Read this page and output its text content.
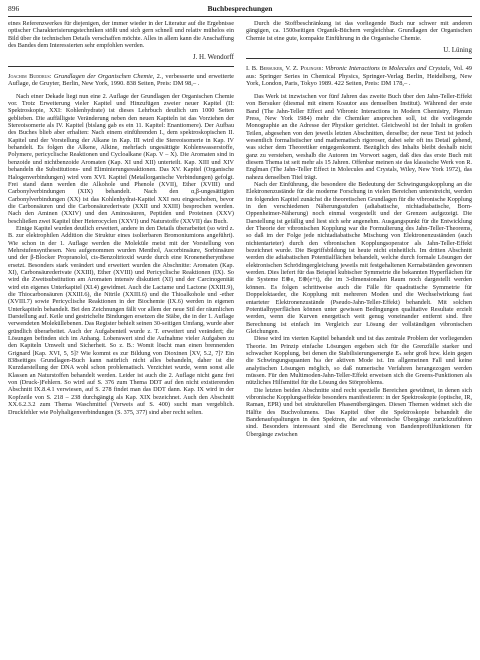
896	Buchbesprechungen

eines Referenzwerkes für diejenigen, der immer wieder in der Literatur auf die Ergebnisse optischer Charakterisierungstechniken stößt und sich gern schnell und relativ mühelos ein Bild über die technischen Details verschaffen möchte. Alles in allem kann die Anschaffung des Bandes dem Interessierten sehr empfohlen werden.

J. H. Wendorff

Joachim Buddrus: Grundlagen der Organischen Chemie, 2., verbesserte und erweiterte Auflage, de Gruyter, Berlin, New York, 1990. 838 Seiten, Preis: DM 98,– .

Nach einer Dekade liegt nun eine 2. Auflage der Grundlagen der Organischen Chemie vor. Trotz Erweiterung vieler Kapitel und Hinzufügen zweier neuer Kapitel (II: Spektroskopie, XXI: Kohlenhydrate) ist dieses Lehrbuch deutlich um 1000 Seiten geblieben. Die auffälligste Veränderung neben den neuen Kapiteln ist das Vorziehen der Stereoisomerie als IV. Kapitel (bislang gab es ein 11. Kapitel: Enantiomere). Der Aufbau des Buches blieb aber erhalten: Nach einem einführenden I., dem spektroskopischen II. Kapitel und der Vorstellung der Alkane in Kap. III wird die Stereoisomerie in Kap. IV behandelt. Es folgen die Alkene, Alkine, mehrfach ungesättigte Kohlenwasserstoffe, Polymere, pericyclische Reaktionen und Cycloalkane (Kap. V – X). Die Aromaten sind in benzoide und nichtbenzoide Aromaten (Kap. XI und XII) unterteilt. Kap. XIII und XIV behandeln die Substitutions- und Eliminierungsreaktionen. Das XV. Kapitel (Organische Halogenverbindungen) wird vom XVI. Kapitel (Metallorganische Verbindungen) gefolgt. Frei stand dann werden die Alkohole und Phenole (XVII), Ether (XVIII) und Carbonylverbindungen (XIX) behandelt. Nach den α,β-ungesättigten Carbonylverbindungen (XX) ist das Kohlenhydrat-Kapitel XXI neu eingeschoben, bevor die Carbonsäuren und die Carbonsäurederivate (XXII und XXIII) besprochen werden. Nach den Aminen (XXIV) und den Aminosäuren, Peptiden und Proteinen (XXV) beschließen zwei Kapitel über Heterocyclen (XXVI) und Naturstoffe (XXVII) das Buch.

Einige Kapitel wurden deutlich erweitert, andere in den Details überarbeitet (so wird z. B. zur elektrophilen Addition die Struktur eines isolierbaren Bromoniumions angeführt). Wie schon in der 1. Auflage werden die Moleküle meist mit der Vorstellung von Mehrstufensynthesen. Neu aufgenommen wurden Menthol, Ascorbinsäure, Sorbinsäure und der β-Blocker Propranolol, cis-Benzoltrioxid wurde durch eine Kronenetherynthese ersetzt. Besonders stark verändert und erweitert wurden die Abschnitte: Aromaten (Kap. XI), Carbonsäurederivate (XXIII), Ether (XVIII) und Pericyclische Reaktionen (IX). So wird die Zweitsubstitution am Aromaten intensiv diskutiert (XI) und der Carcinogenität wird ein eigenes Unterkapitel (XI.4) gewidmet. Auch die Lactame und Lactone (XXIII.9), die Thiocarbonsäuren (XXIII.6), die Nitrile (XXIII.6) und die Thioalkohole und -ether (XVIII.7) sowie Pericyclische Reaktionen in der Biochemie (IX.6) werden in eigenen Unterkapiteln behandelt. Bei den Zeichnungen fällt vor allem der neue Stil der räumlichen Darstellung auf. Keile und gestrichelte Bindungen ersetzen die Stäbe, die in der 1. Auflage verwendeten Moleküllebenen. Das Register behielt seinen 30-seitigen Umfang, wurde aber gründlich überarbeitet. Auch der Aufgabenteil wurde z. T. erweitert und verändert; die Lösungen befinden sich im Anhang. Lobenswert sind die Aufnahme vieler Aufgaben zu den Kapiteln Umwelt und Sicherheit. So z. B.: Womit löscht man einen brennenden Grignard [Kap. XVI, 5, 5]? Wie kommt es zur Bildung von Dioxinen [XV, 5.2, 7]? Ein 838seitiges Grundlagen-Buch kann natürlich nicht alles behandeln, daher ist die Kurzdarstellung der DNA wohl schon problematisch. Verzichtet wurde, wenn sonst alle Klassen an Naturstoffen behandelt werden. Leider ist auch die 2. Auflage nicht ganz frei von (Druck-)Fehlern. So wird auf S. 376 zum Thema DDT auf den nicht existierenden Abschnitt IX.8.4.1 verwiesen, auf S. 278 findet man das DDT dann. Kap. IX wird in der Kopfzeile von S. 218 – 238 durchgängig als Kap. XIX bezeichnet. Auch den Abschnitt XX.6.2.3.2 zum Thema Waschmittel (Verweis auf S. 400) sucht man vergeblich. Druckfehler wie Polyhaligenverbindungen (S. 375, 377) sind aber recht selten.

Durch die Stoffbeschränkung ist das vorliegende Buch nur schwer mit anderen gängigen, ca. 1500seitigen Organik-Büchern vergleichbar. Grundlagen der Organischen Chemie ist eine gute, kompakte Einführung in die Organische Chemie.

U. Lüning

I. B. Bersuker, V. Z. Polinger: Vibronic Interactions in Molecules and Crystals, Vol. 49 aus: Springer Series in Chemical Physics, Springer-Verlag Berlin, Heidelberg, New York, London, Paris, Tokyo 1989. 422 Seiten, Preis: DM 178,– .

Das Werk ist inzwischen vor fünf Jahren das zweite Buch über den Jahn-Teller-Effekt von Bersuker (diesmal mit einem Koautor aus demselben Institut). Während der erste Band (The Jahn-Teller Effect and Vibronic Interactions in Modern Chemistry, Plenum Press, New York 1984) mehr die Chemiker ansprechen soll, ist die vorliegende Monographie an die Adresse der Physiker gerichtet. Gleichwohl ist der Inhalt in großen Teilen, abgesehen von den jeweils letzten Abschnitten, derselbe; der neue Text ist jedoch wesentlich formalistischer und mathematisch rigoroser, dabei sehr oft ins Detail gehend, was sicher dem Theoretiker entgegenkommt. Bezüglich des Inhalts bleibt deshalb nicht ganz zu verstehen, weshalb die Autoren im Vorwort sagen, daß dies das erste Buch mit diesem Thema ist seit mehr als 15 Jahren. Offenbar meinen sie das klassische Werk von R. Englman (The Jahn-Teller Effect in Molecules and Crystals, Wiley, New York 1972), das nahezu denselben Titel trägt.

Nach der Einführung, die besondere die Bedeutung der Schwingungskopplung an die Elektronenzustände für die moderne Forschung in vielen Bereichen unterstreicht, werden im folgenden Kapitel zunächst die theoretischen Grundlagen für die vibronische Kopplung in den verschiedenen Näherungsstufen (adiabatische, nichtadiabatische, Born-Oppenheimer-Näherung) noch einmal vorgestellt und der Grenzen aufgezeigt. Die Darstellung ist gefällig und liest sich sehr angenehm. Ausgangspunkt für die Entwicklung der Theorie der vibronischen Kopplung war die Formulierung des Jahn-Teller-Theorems, so daß im der Folge jede nichtadiabatische Mischung von Elektronenzuständen (auch nichtentarteter) durch den vibronischen Kopplungsoperator als Jahn-Teller-Effekt bezeichnet wurde. Die Begriffsbildung ist heute nicht einheitlich. Im dritten Abschnitt werden die adiabatischen Potentialflächen behandelt, welche durch formale Lösungen der elektronischen Schrödingergleichung jeweils mit festgehaltenen Kernabständen gewonnen werden. Dies liefert für das Beispiel kubischer Symmetrie die bekannten Hyperflächen für die Systeme E⊗e, Ε⊗(e+t), die im 3-dimensionalen Raum noch dargestellt werden können. Es folgen schrittweise auch die Fälle für quadratische Symmetrie für Doppeloktaeder, die Kopplung mit mehreren Moden und die Wechselwirkung fast entarteter Elektronenzustände (Pseudo-Jahn-Teller-Effekt) behandelt. Mit solchen Potentialhyperflächen können unter gewissen Bedingungen qualitative Resultate erzielt werden, wenn die Kurven energetisch weit genug voneinander entfernt sind. Ihre Berechnung ist einfach im Vergleich zur Lösung der vollständigen vibronischen Gleichungen.

Diese wird im vierten Kapitel behandelt und ist das zentrale Problem der vorliegenden Theorie. Im Prinzip einfache Lösungen ergeben sich für die Grenzfälle starker und schwacher Kopplung, bei denen die Stabilisierungsenergie Eₛ sehr groß bzw. klein gegen die Schwingungsquanten ħω der aktiven Mode ist. Im allgemeinen Fall und keine analytischen Lösungen möglich, so daß numerische Verfahren herangezogen werden müssen. Für den Multimoden-Jahn-Teller-Effekt erweisen sich die Greens-Funktionen als nützliches Hilfsmittel für die Lösung des Störproblems.

Die letzten beiden Abschnitte sind recht spezielle Bereichen gewidmet, in denen sich vibronische Kopplungseffekte besonders manifestieren: in der Spektroskopie (optische, IR, Raman, EPR) und bei strukturellen Phasenübergängen. Diesen Themen widmet sich die Hälfte des Buchvolumens. Das Kapitel über die Spektroskopie behandelt die Bandenaufspaltungen in den Spektren, die auf vibronische Übergänge zurückzuführen sind. Besonders interessant sind die Berechnung von Bandenprofilfunktionen für Übergänge zwischen
